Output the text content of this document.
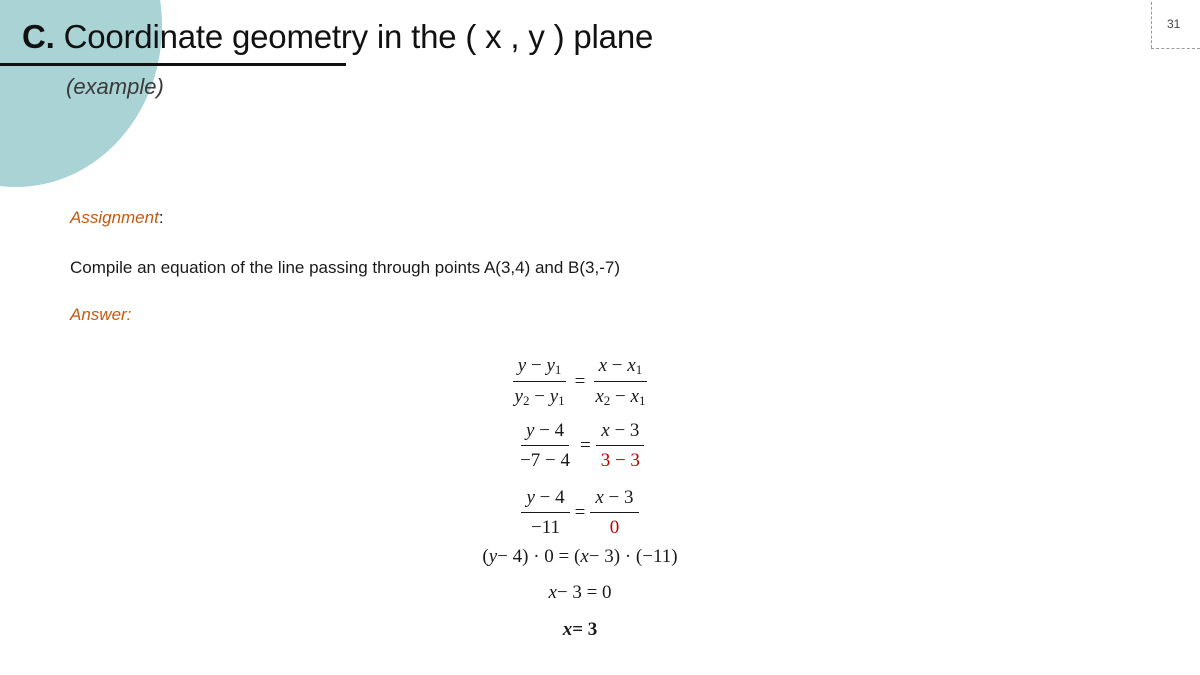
C. Coordinate geometry in the ( x , y ) plane
(example)
31
Assignment:
Compile an equation of the line passing through points A(3,4) and B(3,-7)
Answer:
$\frac{y - y_1}{y_2 - y_1} = \frac{x - x_1}{x_2 - x_1}$
$\frac{y - 4}{-7 - 4} = \frac{x - 3}{3 - 3}$
$\frac{y - 4}{-11} = \frac{x - 3}{0}$
( y − 4) · 0 = ( x − 3) · (−11)
x − 3 = 0
x = 3
